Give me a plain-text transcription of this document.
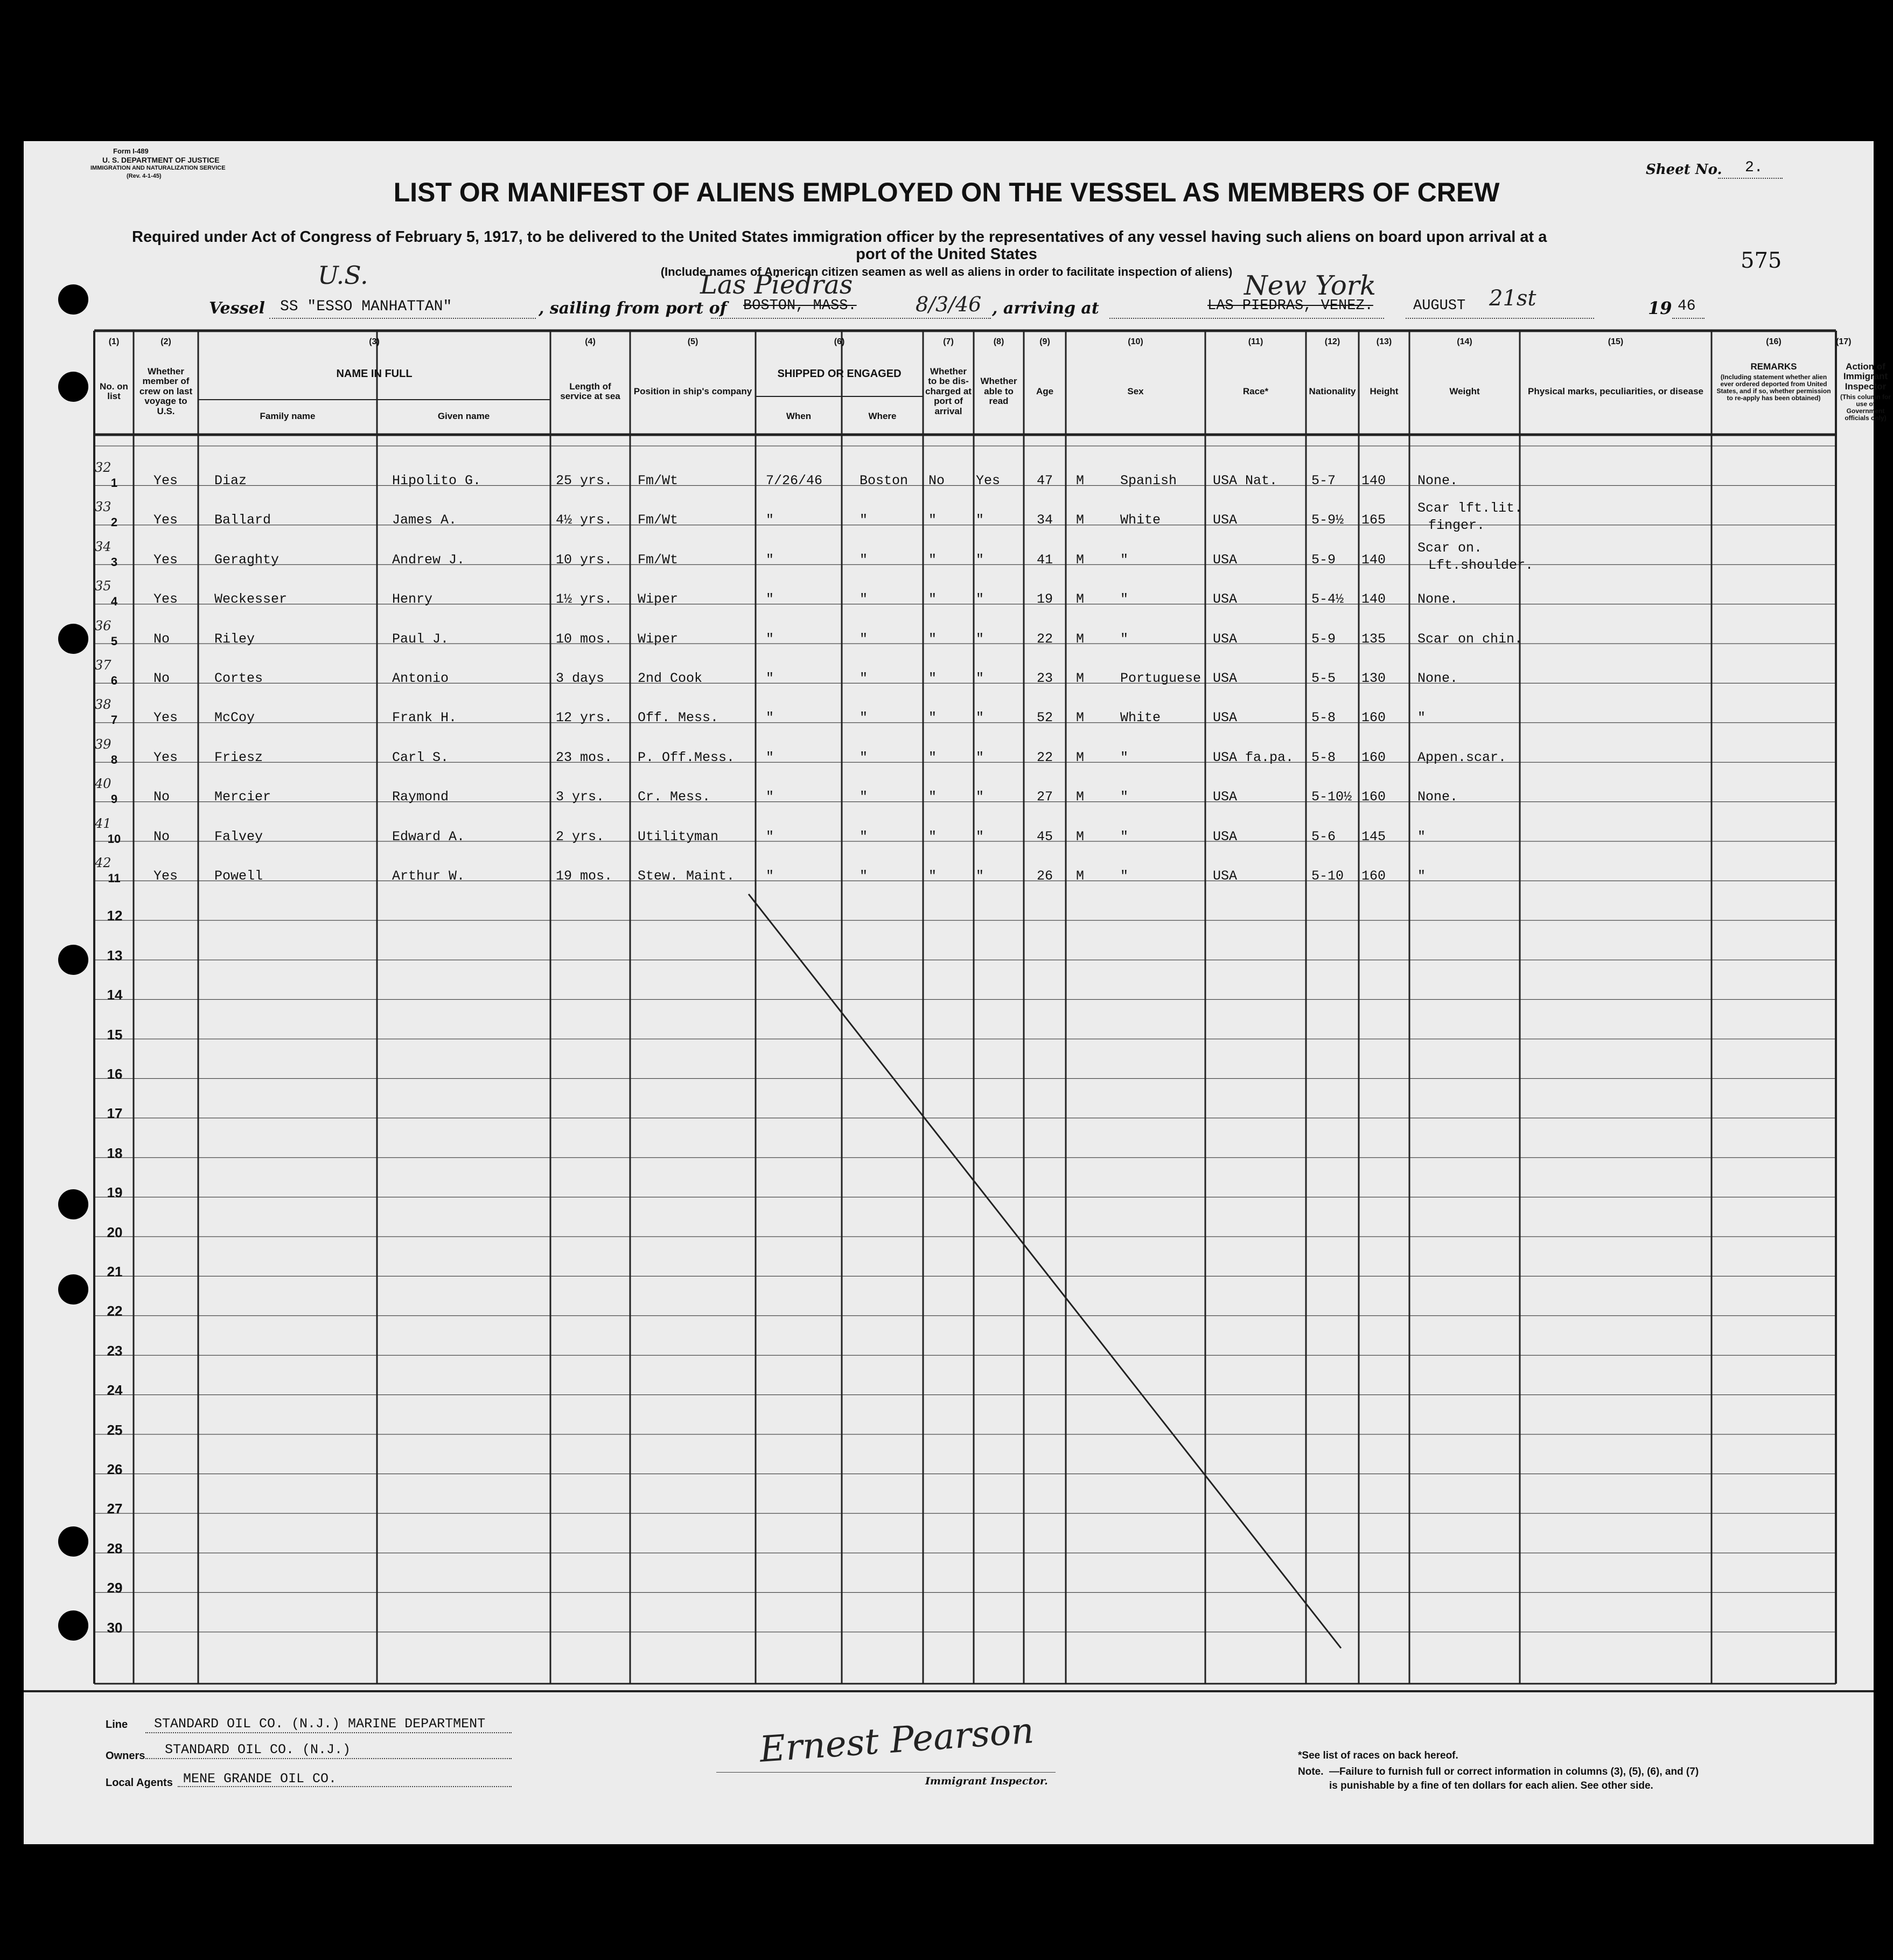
Form I-489
U. S. DEPARTMENT OF JUSTICE
IMMIGRATION AND NATURALIZATION SERVICE
(Rev. 4-1-45)	Sheet No. 2.
LIST OR MANIFEST OF ALIENS EMPLOYED ON THE VESSEL AS MEMBERS OF CREW
Required under Act of Congress of February 5, 1917, to be delivered to the United States immigration officer by the representatives of any vessel having such aliens on board upon arrival at a
port of the United States
(Include names of American citizen seamen as well as aliens in order to facilitate inspection of aliens)	575
Vessel
U.S.
SS "ESSO MANHATTAN"	, sailing from port of
Las Piedras
BOSTON, MASS.	8/3/46 , arriving at
New York
LAS PIEDRAS, VENEZ.	AUGUST 21st	19 46
(1)
No. on list
(2)
Whether member of crew on last voyage to U.S.
(3)
NAME IN FULL
Family name	Given name
(4)
Length of service at sea
(5)
Position in ship's company
(6)
SHIPPED OR ENGAGED
When	Where
(7)
Whether to be dis-charged at port of arrival
(8)
Whether able to read
(9)
Age
(10)
Sex
(11)
Race*
(12)
Nationality
(13)
Height
(14)
Weight
(15)
Physical marks, peculiarities, or disease
(16)
REMARKS
(Including statement whether alien ever ordered deported from United States, and if so, whether permission to re-apply has been obtained)
(17)
Action of Immigrant Inspector
(This column for use of Government officials only)
32
1	Yes	Diaz	Hipolito G.	25 yrs. Fm/Wt	7/26/46	Boston No Yes	47 M	Spanish	USA Nat.	5-7 140 None.
33
2	Yes	Ballard	James A.	4½ yrs. Fm/Wt	"	"	"	"	34 M	White	USA	5-9½ 165
Scar lft.lit.
finger.
34
3	Yes	Geraghty	Andrew J.	10 yrs. Fm/Wt	"	"	"	"	41 M	"	USA	5-9 140
Scar on.
Lft.shoulder.
35
4	Yes	Weckesser	Henry	1½ yrs. Wiper	"	"	"	"	19 M	"	USA	5-4½ 140 None.
36
5	No	Riley	Paul J.	10 mos. Wiper	"	"	"	"	22 M	"	USA	5-9 135 Scar on chin.
37
6	No	Cortes	Antonio	3 days 2nd Cook	"	"	"	"	23 M	Portuguese USA	5-5 130 None.
38
7	Yes	McCoy	Frank H.	12 yrs. Off. Mess.	"	"	"	"	52 M	White	USA	5-8 160 "
39
8	Yes	Friesz	Carl S.	23 mos. P. Off.Mess. "	"	"	"	22 M	"	USA fa.pa. 5-8 160 Appen.scar.
40
9	No	Mercier	Raymond	3 yrs. Cr. Mess.	"	"	"	"	27 M	"	USA	5-10½ 160 None.
41
10	No	Falvey	Edward A.	2 yrs. Utilityman	"	"	"	"	45 M	"	USA	5-6 145 "
42
11	Yes	Powell	Arthur W.	19 mos. Stew. Maint. "	"	"	"	26 M	"	USA	5-10 160 "
12
13
14
15
16
17
18
19
20
21
22
23
24
25
26
27
28
29
30
Line STANDARD OIL CO. (N.J.) MARINE DEPARTMENT
Owners STANDARD OIL CO. (N.J.)
Local Agents MENE GRANDE OIL CO.
Ernest Pearson
Immigrant Inspector.
*See list of races on back hereof.
Note. —Failure to furnish full or correct information in columns (3), (5), (6), and (7)
is punishable by a fine of ten dollars for each alien. See other side.
